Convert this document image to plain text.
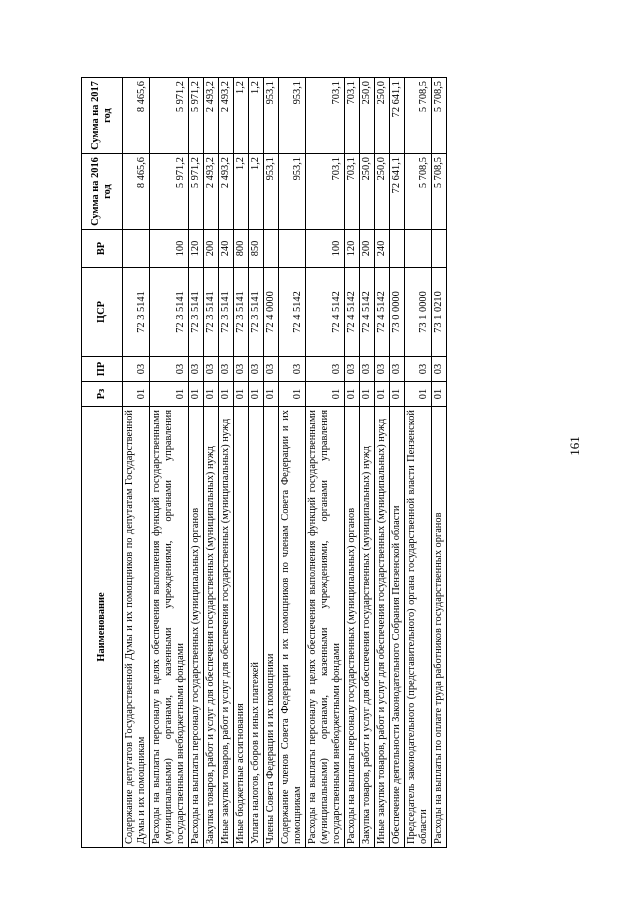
161
Наименование	Рз	ПР	ЦСР	ВР	Сумма на 2016 год	Сумма на 2017 год
Содержание депутатов Государственной Думы и их помощников по депутатам Государственной Думы и их помощникам	01	03	72 3 5141		8 465,6	8 465,6
Расходы на выплаты персоналу в целях обеспечения выполнения функций государственными (муниципальными) органами, казенными учреждениями, органами управления государственными внебюджетными фондами	01	03	72 3 5141	100	5 971,2	5 971,2
Расходы на выплаты персоналу государственных (муниципальных) органов	01	03	72 3 5141	120	5 971,2	5 971,2
Закупка товаров, работ и услуг для обеспечения государственных (муниципальных) нужд	01	03	72 3 5141	200	2 493,2	2 493,2
Иные закупки товаров, работ и услуг для обеспечения государственных (муниципальных) нужд	01	03	72 3 5141	240	2 493,2	2 493,2
Иные бюджетные ассигнования	01	03	72 3 5141	800	1,2	1,2
Уплата налогов, сборов и иных платежей	01	03	72 3 5141	850	1,2	1,2
Члены Совета Федерации и их помощники	01	03	72 4 0000		953,1	953,1
Содержание членов Совета Федерации и их помощников по членам Совета Федерации и их помощникам	01	03	72 4 5142		953,1	953,1
Расходы на выплаты персоналу в целях обеспечения выполнения функций государственными (муниципальными) органами, казенными учреждениями, органами управления государственными внебюджетными фондами	01	03	72 4 5142	100	703,1	703,1
Расходы на выплаты персоналу государственных (муниципальных) органов	01	03	72 4 5142	120	703,1	703,1
Закупка товаров, работ и услуг для обеспечения государственных (муниципальных) нужд	01	03	72 4 5142	200	250,0	250,0
Иные закупки товаров, работ и услуг для обеспечения государственных (муниципальных) нужд	01	03	72 4 5142	240	250,0	250,0
Обеспечение деятельности Законодательного Собрания Пензенской области	01	03	73 0 0000		72 641,1	72 641,1
Председатель законодательного (представительного) органа государственной власти Пензенской области	01	03	73 1 0000		5 708,5	5 708,5
Расходы на выплаты по оплате труда работников государственных органов	01	03	73 1 0210		5 708,5	5 708,5
